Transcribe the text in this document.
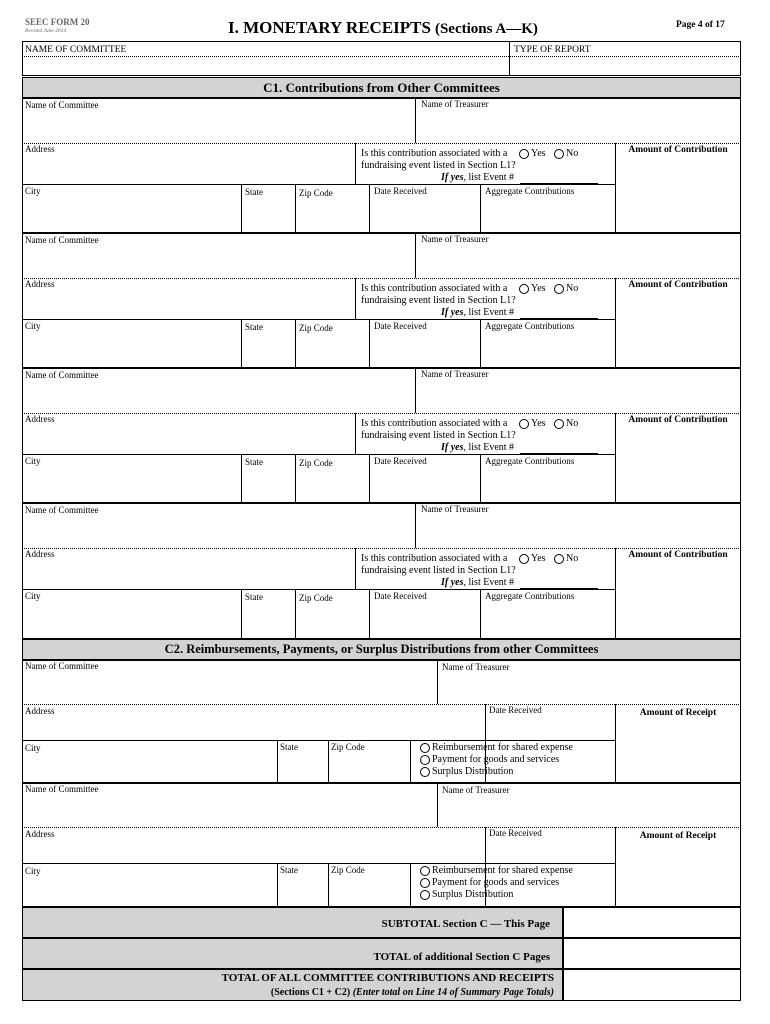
SEEC FORM 20
Revised June 2014	I. MONETARY RECEIPTS (Sections A—K)	Page 4 of 17
NAME OF COMMITTEE	TYPE OF REPORT
C1. Contributions from Other Committees
Name of Committee	Name of Treasurer
Address
City	State	Zip Code	Date Received	Aggregate Contributions
Amount of Contribution
Is this contribution associated with a
fundraising event listed in Section L1?
If yes, list Event #
Yes	No
Name of Committee	Name of Treasurer
Address
City	State	Zip Code	Date Received	Aggregate Contributions
Amount of Contribution
Is this contribution associated with a
fundraising event listed in Section L1?
If yes, list Event #
Yes	No
Name of Committee	Name of Treasurer
Address
City	State	Zip Code	Date Received	Aggregate Contributions
Amount of Contribution
Is this contribution associated with a
fundraising event listed in Section L1?
If yes, list Event #
Yes	No
Name of Committee	Name of Treasurer
Address
City	State	Zip Code	Date Received	Aggregate Contributions
Amount of Contribution
Is this contribution associated with a
fundraising event listed in Section L1?
If yes, list Event #
Yes	No
C2. Reimbursements, Payments, or Surplus Distributions from other Committees
Name of Committee	Name of Treasurer
Address	Date Received	Amount of Receipt
City	State	Zip Code	Reimbursement for shared expense
Payment for goods and services
Surplus Distribution
Name of Committee	Name of Treasurer
Address	Date Received	Amount of Receipt
City	State	Zip Code	Reimbursement for shared expense
Payment for goods and services
Surplus Distribution
SUBTOTAL Section C — This Page
TOTAL of additional Section C Pages
TOTAL OF ALL COMMITTEE CONTRIBUTIONS AND RECEIPTS
(Sections C1 + C2) (Enter total on Line 14 of Summary Page Totals)
